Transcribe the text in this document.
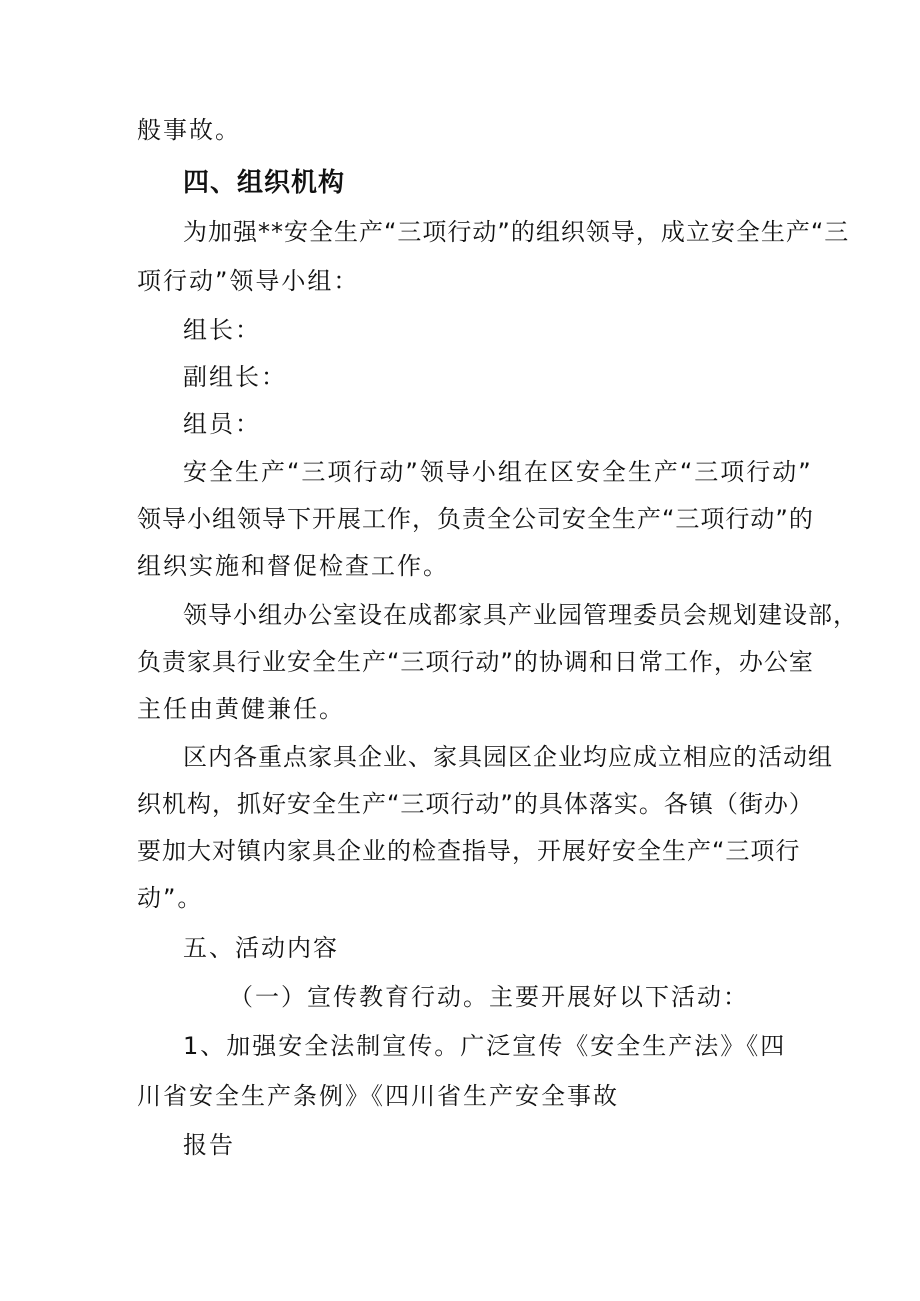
般事故。
四、组织机构
为加强**安全生产“三项行动”的组织领导，成立安全生产“三
项行动”领导小组：
组长：
副组长：
组员：
安全生产“三项行动”领导小组在区安全生产“三项行动”
领导小组领导下开展工作，负责全公司安全生产“三项行动”的
组织实施和督促检查工作。
领导小组办公室设在成都家具产业园管理委员会规划建设部，
负责家具行业安全生产“三项行动”的协调和日常工作，办公室
主任由黄健兼任。
区内各重点家具企业、家具园区企业均应成立相应的活动组
织机构，抓好安全生产“三项行动”的具体落实。各镇（街办）
要加大对镇内家具企业的检查指导，开展好安全生产“三项行
动”。
五、活动内容
（一）宣传教育行动。主要开展好以下活动：
1、加强安全法制宣传。广泛宣传《安全生产法》《四
川省安全生产条例》《四川省生产安全事故
报告
